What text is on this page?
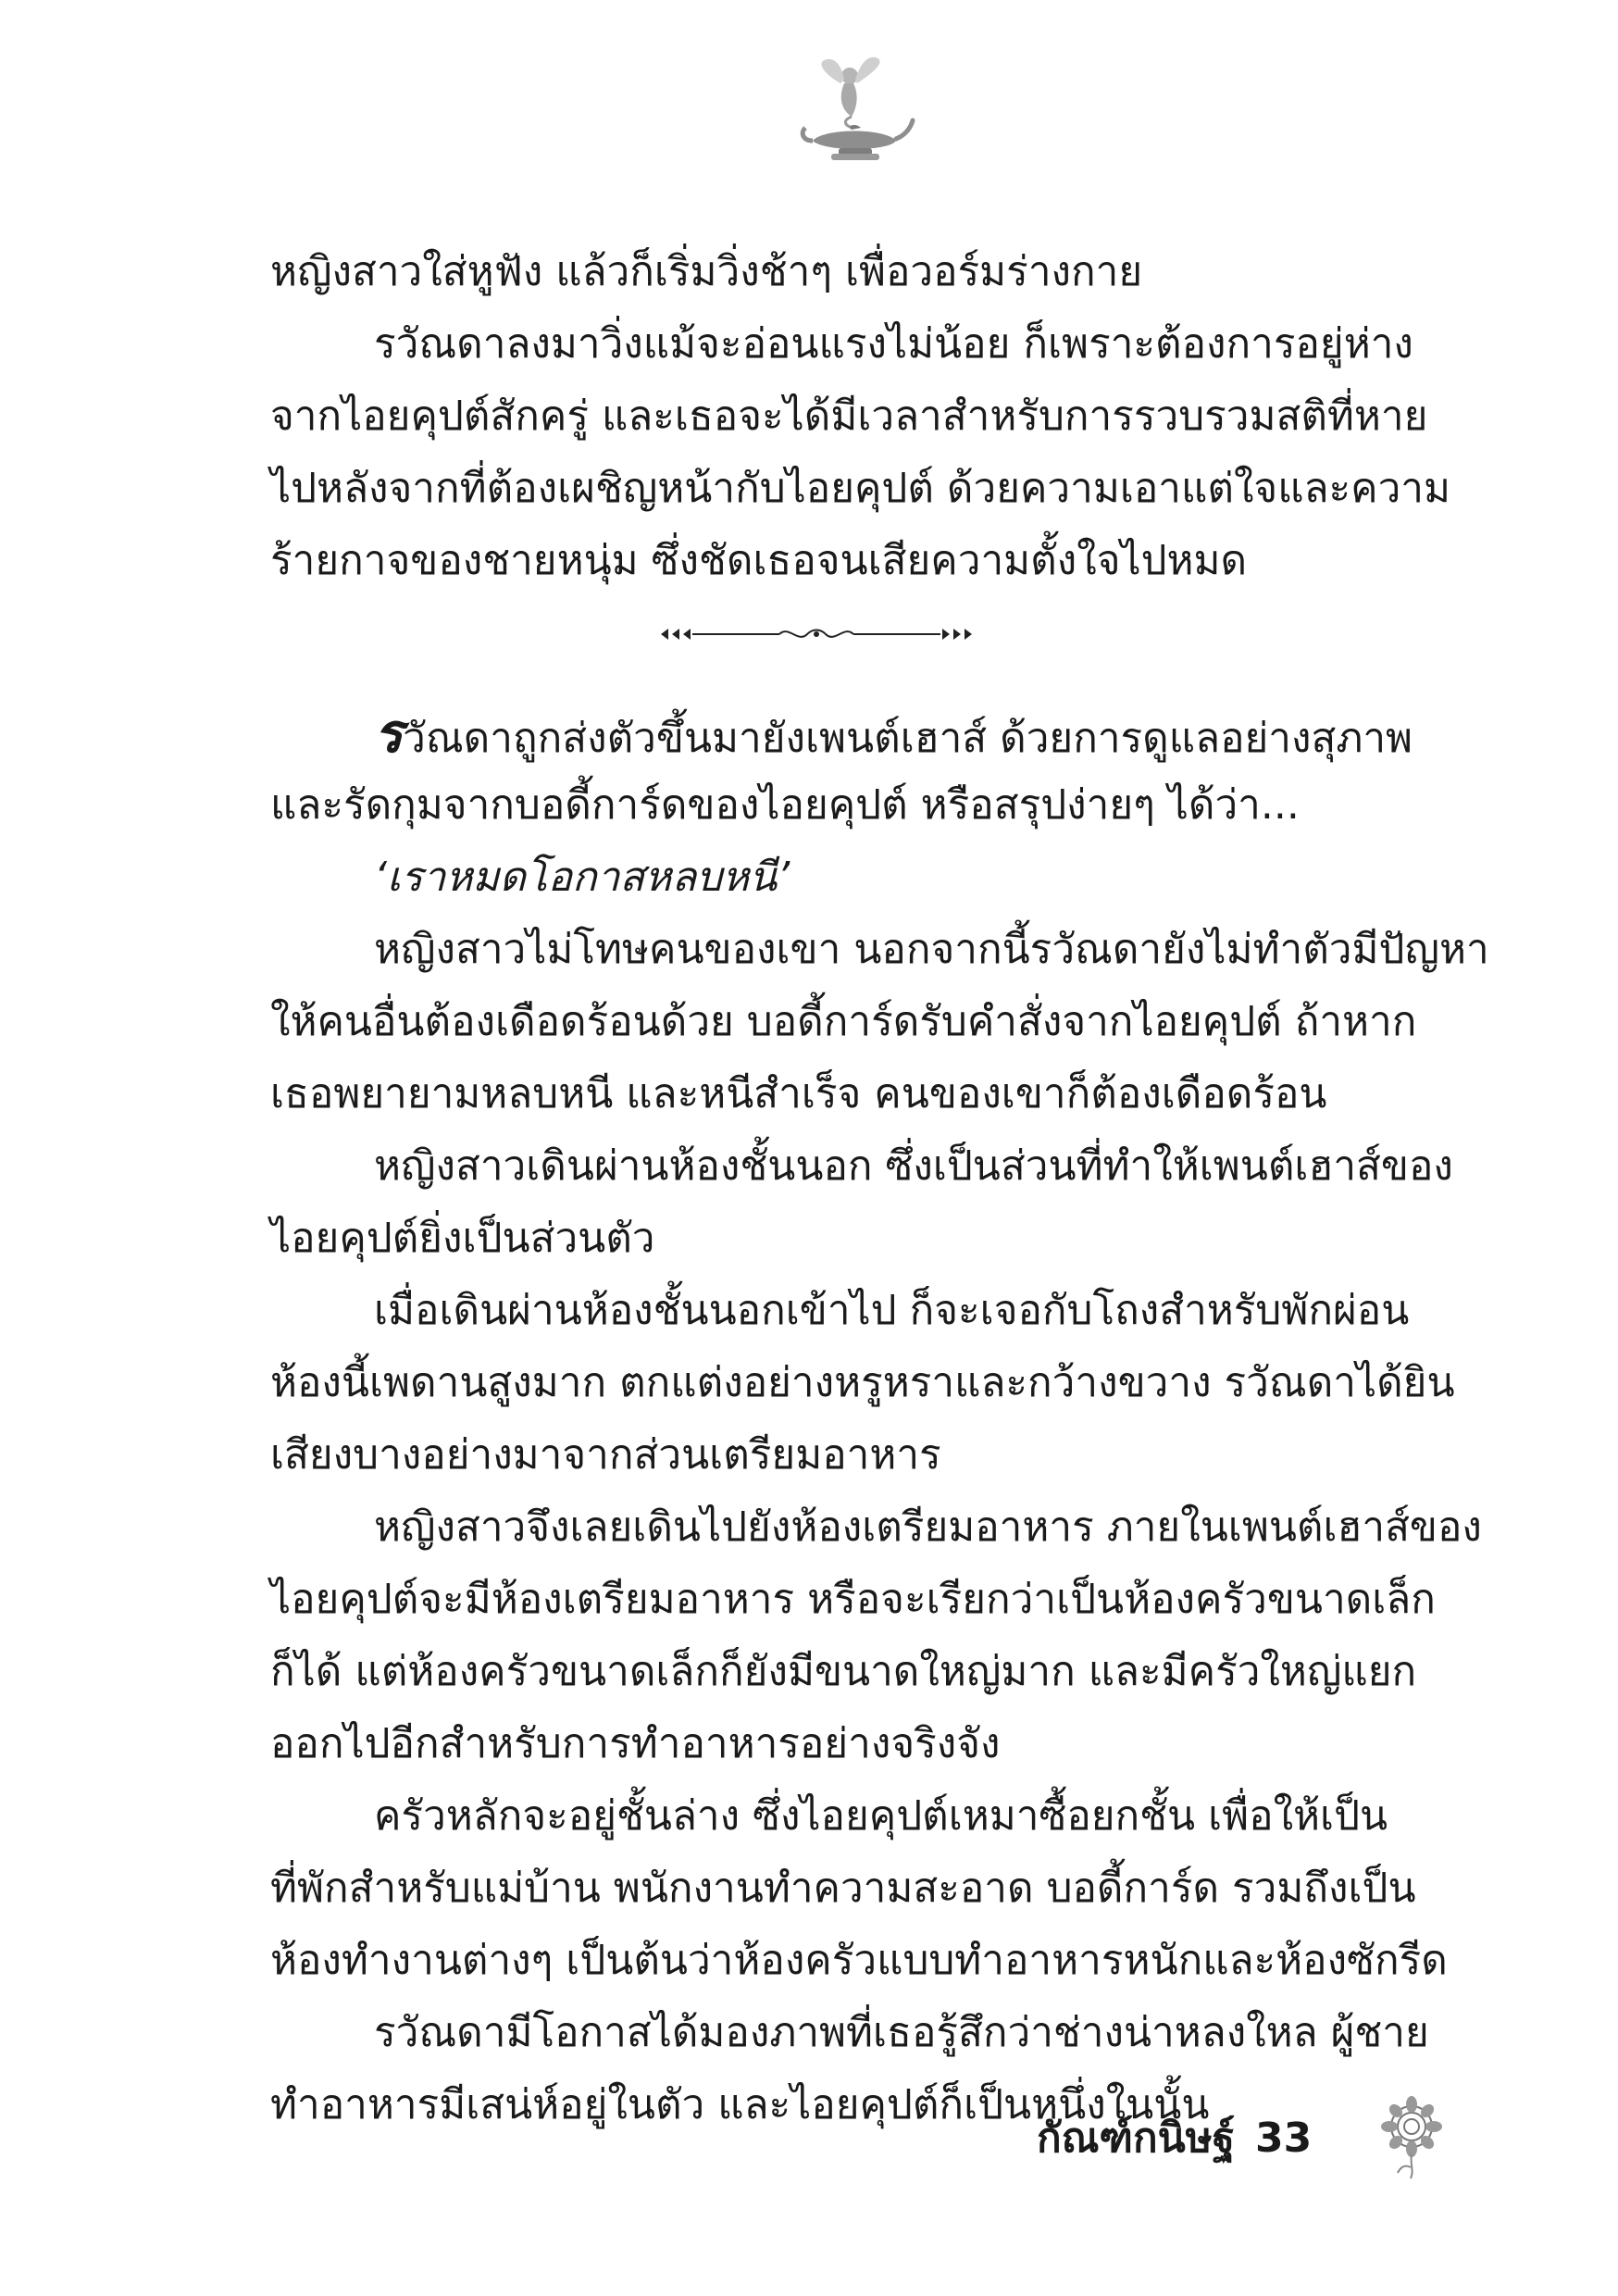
หญิงสาวใส่หูฟัง แล้วก็เริ่มวิ่งช้าๆ เพื่อวอร์มร่างกาย
รวัณดาลงมาวิ่งแม้จะอ่อนแรงไม่น้อย ก็เพราะต้องการอยู่ห่าง
จากไอยคุปต์สักครู่ และเธอจะได้มีเวลาสำหรับการรวบรวมสติที่หาย
ไปหลังจากที่ต้องเผชิญหน้ากับไอยคุปต์ ด้วยความเอาแต่ใจและความ
ร้ายกาจของชายหนุ่ม ซึ่งชัดเธอจนเสียความตั้งใจไปหมด
รวัณดาถูกส่งตัวขึ้นมายังเพนต์เฮาส์ ด้วยการดูแลอย่างสุภาพ
และรัดกุมจากบอดี้การ์ดของไอยคุปต์ หรือสรุปง่ายๆ ได้ว่า...
‘เราหมดโอกาสหลบหนี’
หญิงสาวไม่โทษคนของเขา นอกจากนี้รวัณดายังไม่ทำตัวมีปัญหา
ให้คนอื่นต้องเดือดร้อนด้วย บอดี้การ์ดรับคำสั่งจากไอยคุปต์ ถ้าหาก
เธอพยายามหลบหนี และหนีสำเร็จ คนของเขาก็ต้องเดือดร้อน
หญิงสาวเดินผ่านห้องชั้นนอก ซึ่งเป็นส่วนที่ทำให้เพนต์เฮาส์ของ
ไอยคุปต์ยิ่งเป็นส่วนตัว
เมื่อเดินผ่านห้องชั้นนอกเข้าไป ก็จะเจอกับโถงสำหรับพักผ่อน
ห้องนี้เพดานสูงมาก ตกแต่งอย่างหรูหราและกว้างขวาง รวัณดาได้ยิน
เสียงบางอย่างมาจากส่วนเตรียมอาหาร
หญิงสาวจึงเลยเดินไปยังห้องเตรียมอาหาร ภายในเพนต์เฮาส์ของ
ไอยคุปต์จะมีห้องเตรียมอาหาร หรือจะเรียกว่าเป็นห้องครัวขนาดเล็ก
ก็ได้ แต่ห้องครัวขนาดเล็กก็ยังมีขนาดใหญ่มาก และมีครัวใหญ่แยก
ออกไปอีกสำหรับการทำอาหารอย่างจริงจัง
ครัวหลักจะอยู่ชั้นล่าง ซึ่งไอยคุปต์เหมาซื้อยกชั้น เพื่อให้เป็น
ที่พักสำหรับแม่บ้าน พนักงานทำความสะอาด บอดี้การ์ด รวมถึงเป็น
ห้องทำงานต่างๆ เป็นต้นว่าห้องครัวแบบทำอาหารหนักและห้องซักรีด
รวัณดามีโอกาสได้มองภาพที่เธอรู้สึกว่าช่างน่าหลงใหล ผู้ชาย
ทำอาหารมีเสน่ห์อยู่ในตัว และไอยคุปต์ก็เป็นหนึ่งในนั้น
กัณฑ์กนิษฐ์ 33
